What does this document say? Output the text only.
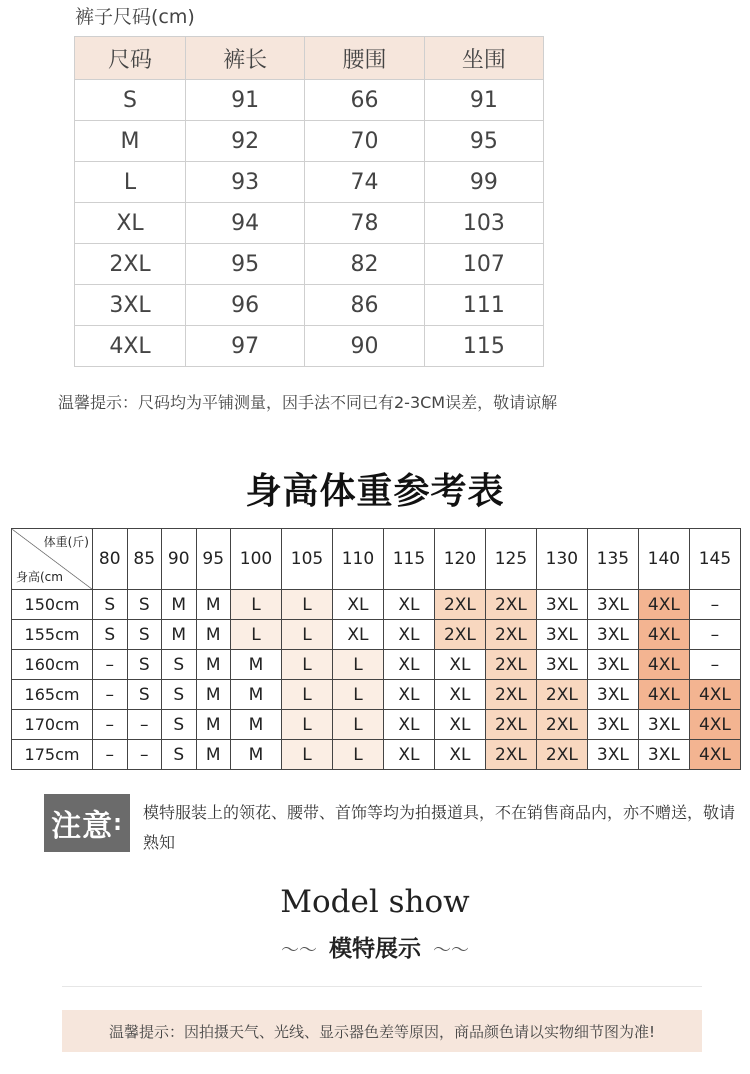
裤子尺码(cm)
尺码	裤长	腰围	坐围
S	91	66	91
M	92	70	95
L	93	74	99
XL	94	78	103
2XL	95	82	107
3XL	96	86	111
4XL	97	90	115
温馨提示：尺码均为平铺测量，因手法不同已有2-3CM误差，敬请谅解
身高体重参考表
体重(斤)
身高(cm	80	85	90	95	100	105	110	115	120	125	130	135	140	145
150cm	S	S	M	M	L	L	XL	XL	2XL	2XL	3XL	3XL	4XL	–
155cm	S	S	M	M	L	L	XL	XL	2XL	2XL	3XL	3XL	4XL	–
160cm	–	S	S	M	M	L	L	XL	XL	2XL	3XL	3XL	4XL	–
165cm	–	S	S	M	M	L	L	XL	XL	2XL	2XL	3XL	4XL	4XL
170cm	–	–	S	M	M	L	L	XL	XL	2XL	2XL	3XL	3XL	4XL
175cm	–	–	S	M	M	L	L	XL	XL	2XL	2XL	3XL	3XL	4XL
注意 : 模特服装上的领花、腰带、首饰等均为拍摄道具，不在销售商品内，亦不赠送，敬请熟知
Model show
〜〜 模特展示 〜〜
温馨提示：因拍摄天气、光线、显示器色差等原因，商品颜色请以实物细节图为准!
